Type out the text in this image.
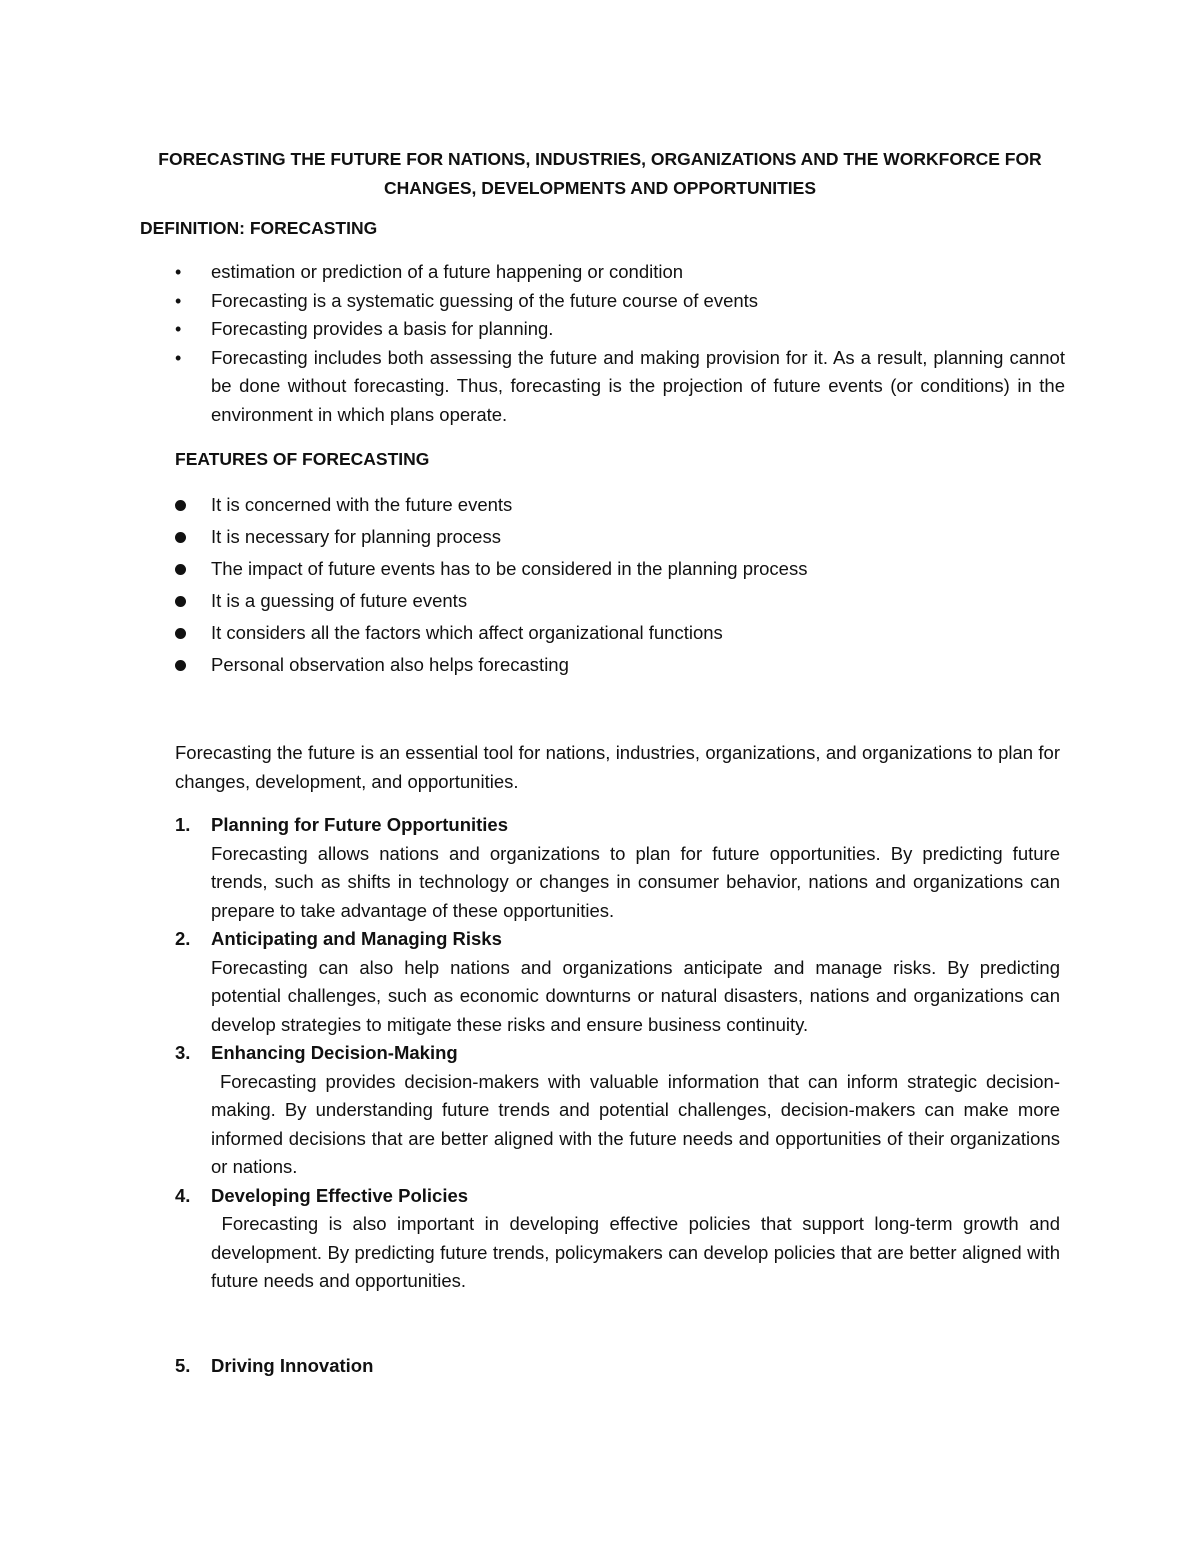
FORECASTING THE FUTURE FOR NATIONS, INDUSTRIES, ORGANIZATIONS AND THE WORKFORCE FOR
CHANGES, DEVELOPMENTS AND OPPORTUNITIES
DEFINITION: FORECASTING
• estimation or prediction of a future happening or condition
• Forecasting is a systematic guessing of the future course of events
• Forecasting provides a basis for planning.
• Forecasting includes both assessing the future and making provision for it. As a result, planning cannot be done without forecasting. Thus, forecasting is the projection of future events (or conditions) in the environment in which plans operate.
FEATURES OF FORECASTING
It is concerned with the future events
It is necessary for planning process
The impact of future events has to be considered in the planning process
It is a guessing of future events
It considers all the factors which affect organizational functions
Personal observation also helps forecasting

Forecasting the future is an essential tool for nations, industries, organizations, and organizations to plan for changes, development, and opportunities.

1. Planning for Future Opportunities
Forecasting allows nations and organizations to plan for future opportunities. By predicting future trends, such as shifts in technology or changes in consumer behavior, nations and organizations can prepare to take advantage of these opportunities.
2. Anticipating and Managing Risks
Forecasting can also help nations and organizations anticipate and manage risks. By predicting potential challenges, such as economic downturns or natural disasters, nations and organizations can develop strategies to mitigate these risks and ensure business continuity.
3. Enhancing Decision-Making
Forecasting provides decision-makers with valuable information that can inform strategic decision-making. By understanding future trends and potential challenges, decision-makers can make more informed decisions that are better aligned with the future needs and opportunities of their organizations or nations.
4. Developing Effective Policies
Forecasting is also important in developing effective policies that support long-term growth and development. By predicting future trends, policymakers can develop policies that are better aligned with future needs and opportunities.
5. Driving Innovation
